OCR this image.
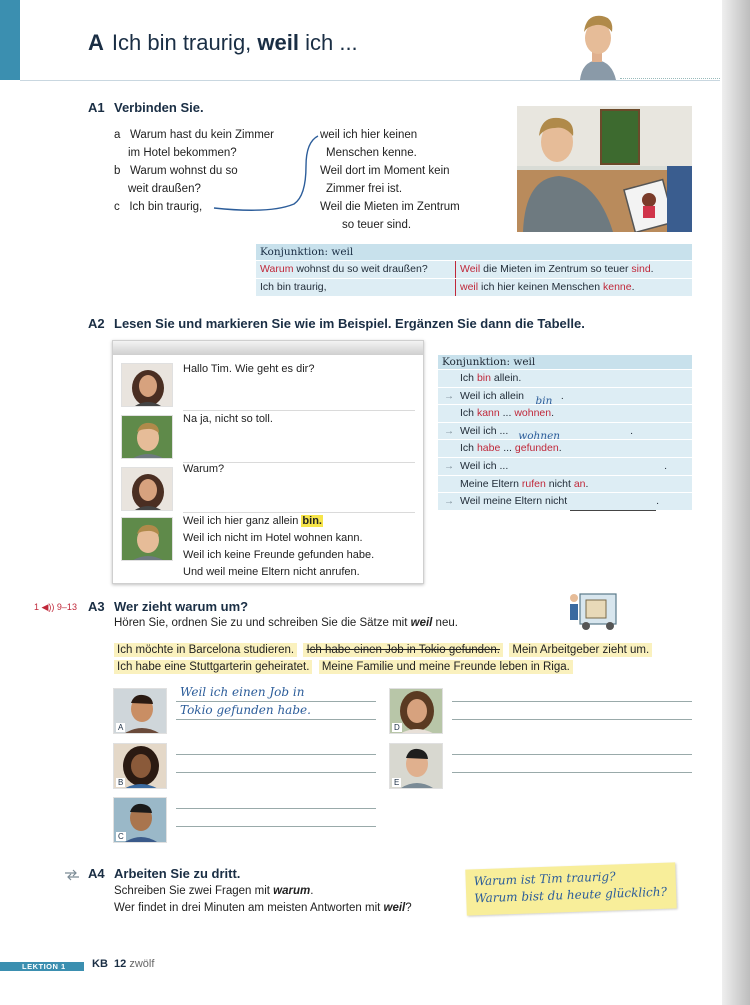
A Ich bin traurig, weil ich ...
A1 Verbinden Sie.
a Warum hast du kein Zimmer
im Hotel bekommen?
b Warum wohnst du so
weit draußen?
c Ich bin traurig,
weil ich hier keinen
Menschen kenne.
Weil dort im Moment kein
Zimmer frei ist.
Weil die Mieten im Zentrum
so teuer sind.
Konjunktion: weil
Warum wohnst du so weit draußen?	Weil die Mieten im Zentrum so teuer sind.
Ich bin traurig,	weil ich hier keinen Menschen kenne.
A2 Lesen Sie und markieren Sie wie im Beispiel. Ergänzen Sie dann die Tabelle.
Hallo Tim. Wie geht es dir?
Na ja, nicht so toll.
Warum?
Weil ich hier ganz allein bin.
Weil ich nicht im Hotel wohnen kann.
Weil ich keine Freunde gefunden habe.
Und weil meine Eltern nicht anrufen.
Konjunktion: weil
Ich bin allein.
→ Weil ich allein bin .
Ich kann ... wohnen.
→ Weil ich ... wohnen	.
Ich habe ... gefunden.
→ Weil ich ...	.
Meine Eltern rufen nicht an.
→ Weil meine Eltern nicht	.
1 ◀)) 9–13 A3 Wer zieht warum um?
Hören Sie, ordnen Sie zu und schreiben Sie die Sätze mit weil neu.
Ich möchte in Barcelona studieren. Ich habe einen Job in Tokio gefunden. Mein Arbeitgeber zieht um.
Ich habe eine Stuttgarterin geheiratet. Meine Familie und meine Freunde leben in Riga.
A
B
C
D
E
Weil ich einen Job in
Tokio gefunden habe.
A4 Arbeiten Sie zu dritt.
Schreiben Sie zwei Fragen mit warum.
Wer findet in drei Minuten am meisten Antworten mit weil?
Warum ist Tim traurig?
Warum bist du heute glücklich?
LEKTION 1	KB 12 zwölf
